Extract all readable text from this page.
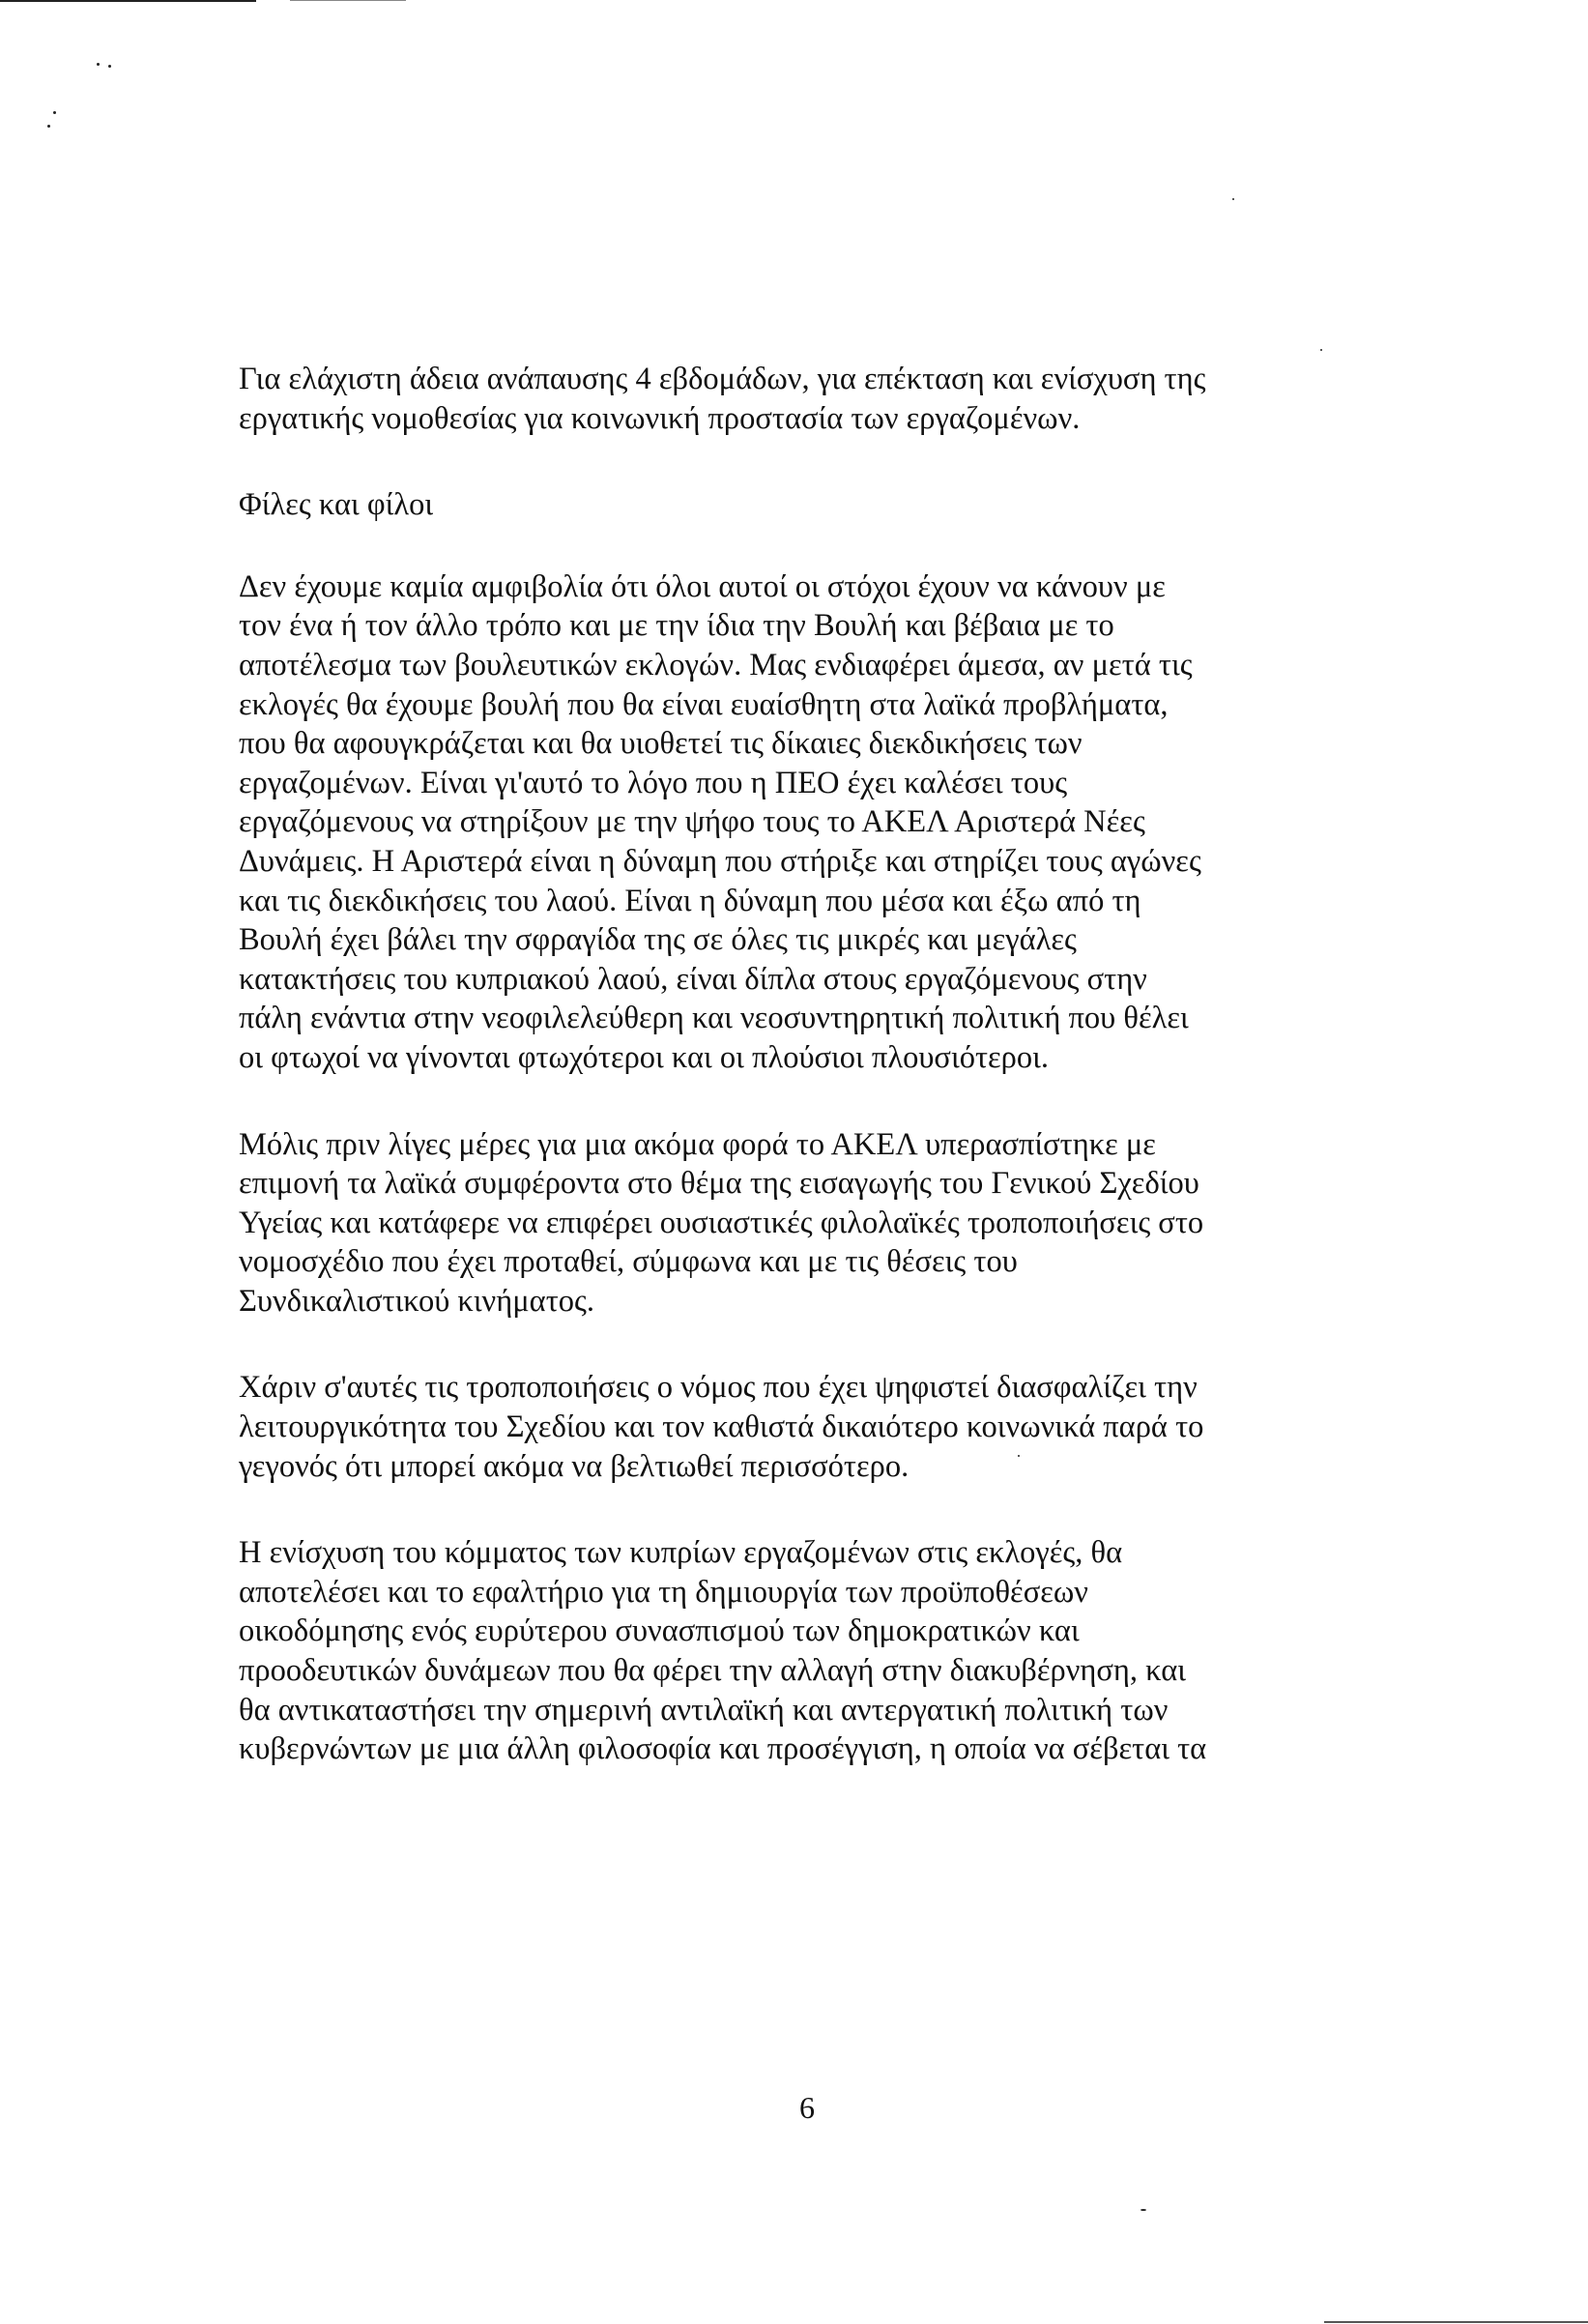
Για ελάχιστη άδεια ανάπαυσης 4 εβδομάδων, για επέκταση και ενίσχυση της
εργατικής νομοθεσίας για κοινωνική προστασία των εργαζομένων.

Φίλες και φίλοι

Δεν έχουμε καμία αμφιβολία ότι όλοι αυτοί οι στόχοι έχουν να κάνουν με
τον ένα ή τον άλλο τρόπο και με την ίδια την Βουλή και βέβαια με το
αποτέλεσμα των βουλευτικών εκλογών. Μας ενδιαφέρει άμεσα, αν μετά τις
εκλογές θα έχουμε βουλή που θα είναι ευαίσθητη στα λαϊκά προβλήματα,
που θα αφουγκράζεται και θα υιοθετεί τις δίκαιες διεκδικήσεις των
εργαζομένων. Είναι γι'αυτό το λόγο που η ΠΕΟ έχει καλέσει τους
εργαζόμενους να στηρίξουν με την ψήφο τους το ΑΚΕΛ Αριστερά Νέες
Δυνάμεις. Η Αριστερά είναι η δύναμη που στήριξε και στηρίζει τους αγώνες
και τις διεκδικήσεις του λαού. Είναι η δύναμη που μέσα και έξω από τη
Βουλή έχει βάλει την σφραγίδα της σε όλες τις μικρές και μεγάλες
κατακτήσεις του κυπριακού λαού, είναι δίπλα στους εργαζόμενους στην
πάλη ενάντια στην νεοφιλελεύθερη και νεοσυντηρητική πολιτική που θέλει
οι φτωχοί να γίνονται φτωχότεροι και οι πλούσιοι πλουσιότεροι.

Μόλις πριν λίγες μέρες για μια ακόμα φορά το ΑΚΕΛ υπερασπίστηκε με
επιμονή τα λαϊκά συμφέροντα στο θέμα της εισαγωγής του Γενικού Σχεδίου
Υγείας και κατάφερε να επιφέρει ουσιαστικές φιλολαϊκές τροποποιήσεις στο
νομοσχέδιο που έχει προταθεί, σύμφωνα και με τις θέσεις του
Συνδικαλιστικού κινήματος.

Χάριν σ'αυτές τις τροποποιήσεις ο νόμος που έχει ψηφιστεί διασφαλίζει την
λειτουργικότητα του Σχεδίου και τον καθιστά δικαιότερο κοινωνικά παρά το
γεγονός ότι μπορεί ακόμα να βελτιωθεί περισσότερο.

Η ενίσχυση του κόμματος των κυπρίων εργαζομένων στις εκλογές, θα
αποτελέσει και το εφαλτήριο για τη δημιουργία των προϋποθέσεων
οικοδόμησης ενός ευρύτερου συνασπισμού των δημοκρατικών και
προοδευτικών δυνάμεων που θα φέρει την αλλαγή στην διακυβέρνηση, και
θα αντικαταστήσει την σημερινή αντιλαϊκή και αντεργατική πολιτική των
κυβερνώντων με μια άλλη φιλοσοφία και προσέγγιση, η οποία να σέβεται τα

6
